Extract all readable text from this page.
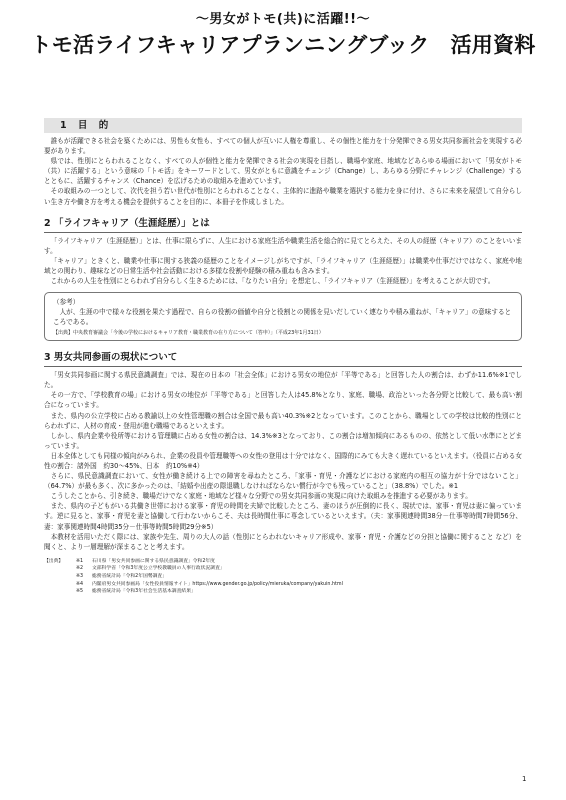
〜男女がトモ(共)に活躍!!〜
トモ活ライフキャリアプランニングブック　活用資料
1 目 的

誰もが活躍できる社会を築くためには、男性も女性も、すべての個人が互いに人権を尊重し、その個性と能力を十分発揮できる男女共同参画社会を実現する必要があります。

県では、性別にとらわれることなく、すべての人が個性と能力を発揮できる社会の実現を目指し、職場や家庭、地域などあらゆる場面において「男女がトモ（共）に活躍する」という意味の「トモ活」をキーワードとして、男女がともに意識をチェンジ（Change）し、あらゆる分野にチャレンジ（Challenge）するとともに、活躍するチャンス（Chance）を広げるための取組みを進めています。

その取組みの一つとして、次代を担う若い世代が性別にとらわれることなく、主体的に進路や職業を選択する能力を身に付け、さらに未来を展望して自分らしい生き方や働き方を考える機会を提供することを目的に、本冊子を作成しました。

2 「ライフキャリア（生涯経歴）」とは

「ライフキャリア（生涯経歴）」とは、仕事に限らずに、人生における家庭生活や職業生活を総合的に見てとらえた、その人の経歴（キャリア）のことをいいます。

「キャリア」ときくと、職業や仕事に関する狭義の経歴のことをイメージしがちですが、「ライフキャリア（生涯経歴）」は職業や仕事だけではなく、家庭や地域との関わり、趣味などの日常生活や社会活動における多様な役割や経験の積み重ねも含みます。

これからの人生を性別にとらわれず自分らしく生きるためには、「なりたい自分」を想定し、「ライフキャリア（生涯経歴）」を考えることが大切です。

（参考）

人が、生涯の中で様々な役割を果たす過程で、自らの役割の価値や自分と役割との関係を見いだしていく連なりや積み重ねが、「キャリア」の意味するところである。

【出典】中央教育審議会「今後の学校におけるキャリア教育・職業教育の在り方について（答申）」（平成23年1月31日）
3 男女共同参画の現状について

「男女共同参画に関する県民意識調査」では、現在の日本の「社会全体」における男女の地位が「平等である」と回答した人の割合は、わずか11.6%※1でした。

その一方で、「学校教育の場」における男女の地位が「平等である」と回答した人は45.8%となり、家庭、職場、政治といった各分野と比較して、最も高い割合になっています。

また、県内の公立学校に占める教諭以上の女性管理職の割合は全国で最も高い40.3%※2となっています。このことから、職場としての学校は比較的性別にとらわれずに、人材の育成・登用が進む職場であるといえます。

しかし、県内企業や役所等における管理職に占める女性の割合は、14.3%※3となっており、この割合は増加傾向にあるものの、依然として低い水準にとどまっています。

日本全体としても同様の傾向がみられ、企業の役員や管理職等への女性の登用は十分ではなく、国際的にみても大きく遅れているといえます。（役員に占める女性の割合：諸外国　約30～45%、日本　約10%※4）

さらに、県民意識調査において、女性が働き続ける上での障害を尋ねたところ、「家事・育児・介護などにおける家庭内の相互の協力が十分ではないこと」（64.7%）が最も多く、次に多かったのは、「結婚や出産の際退職しなければならない慣行が今でも残っていること」（38.8%）でした。※1

こうしたことから、引き続き、職場だけでなく家庭・地域など様々な分野での男女共同参画の実現に向けた取組みを推進する必要があります。

また、県内の子どもがいる共働き世帯における家事・育児の時間を夫婦で比較したところ、妻のほうが圧倒的に長く、現状では、家事・育児は妻に偏っています。逆に見ると、家事・育児を妻と協働して行わないからこそ、夫は長時間仕事に専念しているといえます。（夫：家事関連時間38分－仕事等時間7時間56分、妻：家事関連時間4時間35分－仕事等時間5時間29分※5）

本教材を活用いただく際には、家族や先生、周りの大人の話（性別にとらわれないキャリア形成や、家事・育児・介護などの分担と協働に関すること など）を聞くと、より一層理解が深まることと考えます。

【出典】	※1	石川県「男女共同参画に関する県民意識調査」令和2年度
※2	文部科学省「令和3年度公立学校教職員の人事行政状況調査」
※3	総務省統計局「令和2年国勢調査」
※4	内閣府男女共同参画局「女性役員情報サイト」https://www.gender.go.jp/policy/mieruka/company/yakuin.html
※5	総務省統計局「令和3年社会生活基本調査結果」
1
